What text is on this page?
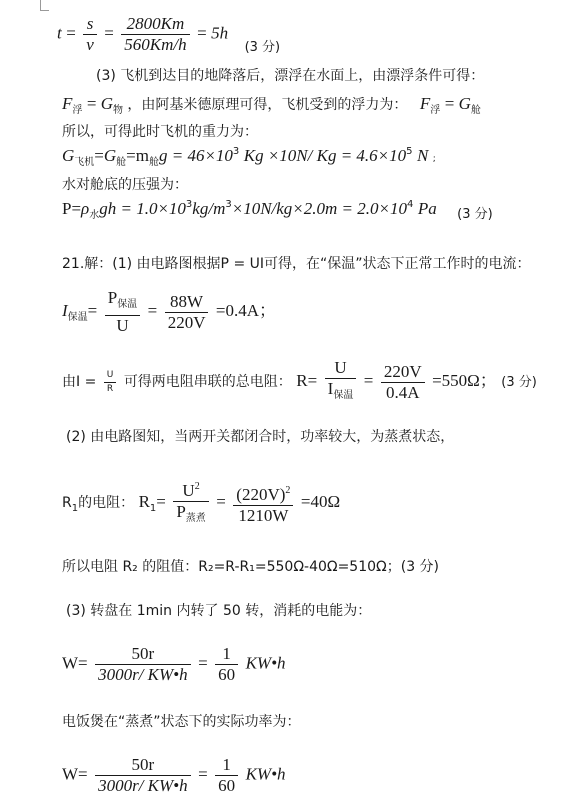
$t = \frac{s}{v} = \frac{2800Km}{560Km/h} = 5h$ (3 分)
(3) 飞机到达目的地降落后，漂浮在水面上，由漂浮条件可得：
$F_浮 = G_物$ ，由阿基米德原理可得，飞机受到的浮力为： $F_浮 = G_舱$
所以，可得此时飞机的重力为：
$G_{飞机}=G_舱=m_舱g = 46\times 10^3$ Kg ×10N/ $Kg = 4.6\times 10^5$ N ;
水对舱底的压强为：
$P=\rho_水gh = 1.0\times 10^3kg/m^3\times 10N/kg\times 2.0m = 2.0\times 10^4$ Pa (3 分)
21.解：(1) 由电路图根据P = UI可得，在“保温”状态下正常工作时的电流：
$I_{保温}= \frac{P_{保温}}{U} = \frac{88W}{220V} =0.4A$；
由$I = \frac{U}{R}$ 可得两电阻串联的总电阻： $R= \frac{U}{I_{保温}} = \frac{220V}{0.4A} =550\Omega$； (3 分)
(2) 由电路图知，当两开关都闭合时，功率较大，为蒸煮状态，
$R_1$的电阻： $R_1= \frac{U^2}{P_{蒸煮}} = \frac{(220V)^2}{1210W} =40\Omega$
所以电阻 R₂ 的阻值：R₂=R-R₁=550Ω-40Ω=510Ω；(3 分)
(3) 转盘在 1min 内转了 50 转，消耗的电能为：
$W= \frac{50r}{3000r/ KW•h} = \frac{1}{60}$ KW•h
电饭煲在“蒸煮”状态下的实际功率为：
$W= \frac{50r}{3000r/ KW•h} = \frac{1}{60}$ KW•h
